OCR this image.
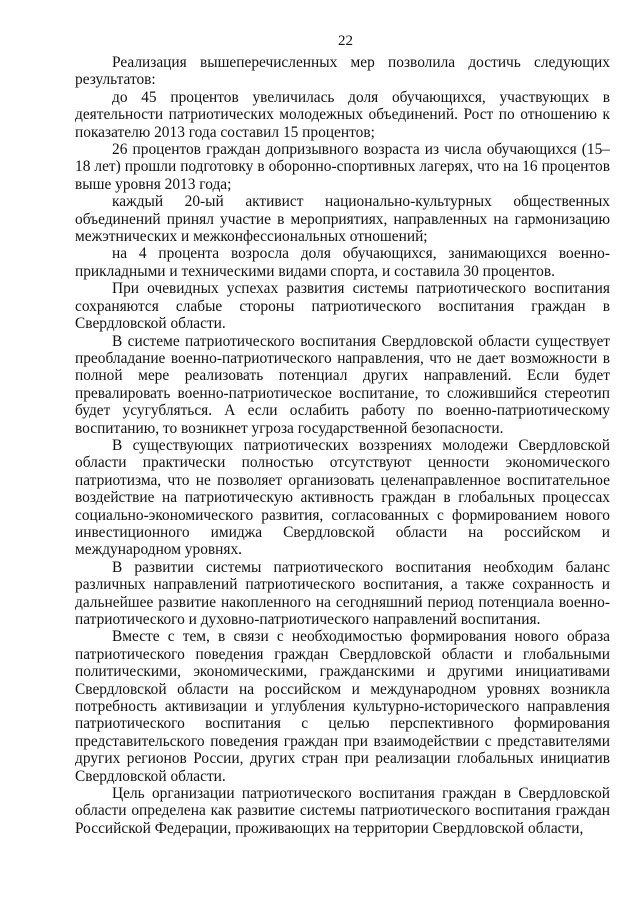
22

Реализация вышеперечисленных мер позволила достичь следующих результатов:

до 45 процентов увеличилась доля обучающихся, участвующих в деятельности патриотических молодежных объединений. Рост по отношению к показателю 2013 года составил 15 процентов;

26 процентов граждан допризывного возраста из числа обучающихся (15–18 лет) прошли подготовку в оборонно-спортивных лагерях, что на 16 процентов выше уровня 2013 года;

каждый 20-ый активист национально-культурных общественных объединений принял участие в мероприятиях, направленных на гармонизацию межэтнических и межконфессиональных отношений;

на 4 процента возросла доля обучающихся, занимающихся военно-прикладными и техническими видами спорта, и составила 30 процентов.

При очевидных успехах развития системы патриотического воспитания сохраняются слабые стороны патриотического воспитания граждан в Свердловской области.

В системе патриотического воспитания Свердловской области существует преобладание военно-патриотического направления, что не дает возможности в полной мере реализовать потенциал других направлений. Если будет превалировать военно-патриотическое воспитание, то сложившийся стереотип будет усугубляться. А если ослабить работу по военно-патриотическому воспитанию, то возникнет угроза государственной безопасности.

В существующих патриотических воззрениях молодежи Свердловской области практически полностью отсутствуют ценности экономического патриотизма, что не позволяет организовать целенаправленное воспитательное воздействие на патриотическую активность граждан в глобальных процессах социально-экономического развития, согласованных с формированием нового инвестиционного имиджа Свердловской области на российском и международном уровнях.

В развитии системы патриотического воспитания необходим баланс различных направлений патриотического воспитания, а также сохранность и дальнейшее развитие накопленного на сегодняшний период потенциала военно-патриотического и духовно-патриотического направлений воспитания.

Вместе с тем, в связи с необходимостью формирования нового образа патриотического поведения граждан Свердловской области и глобальными политическими, экономическими, гражданскими и другими инициативами Свердловской области на российском и международном уровнях возникла потребность активизации и углубления культурно-исторического направления патриотического воспитания с целью перспективного формирования представительского поведения граждан при взаимодействии с представителями других регионов России, других стран при реализации глобальных инициатив Свердловской области.

Цель организации патриотического воспитания граждан в Свердловской области определена как развитие системы патриотического воспитания граждан Российской Федерации, проживающих на территории Свердловской области,
